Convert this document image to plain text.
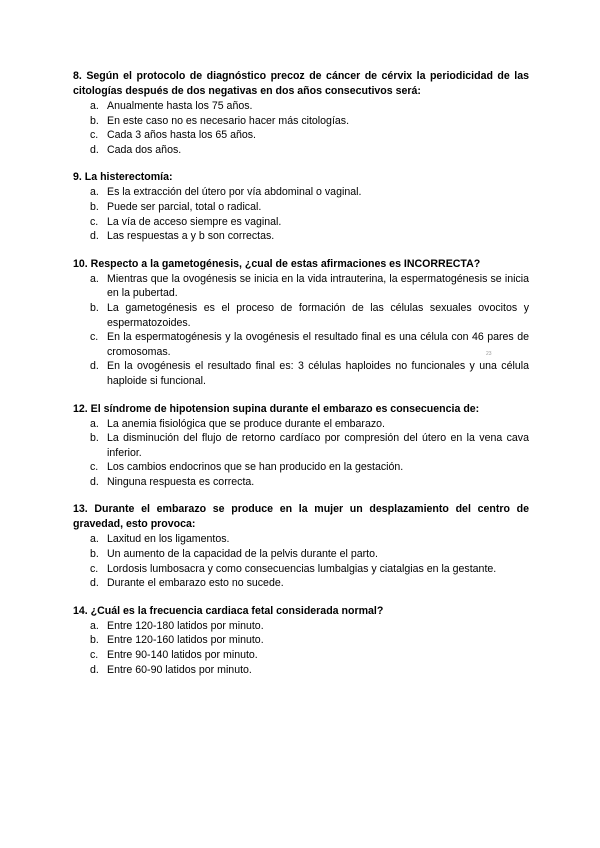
8. Según el protocolo de diagnóstico precoz de cáncer de cérvix la periodicidad de las citologías después de dos negativas en dos años consecutivos será:
a. Anualmente hasta los 75 años.
b. En este caso no es necesario hacer más citologías.
c. Cada 3 años hasta los 65 años.
d. Cada dos años.
9. La histerectomía:
a. Es la extracción del útero por vía abdominal o vaginal.
b. Puede ser parcial, total o radical.
c. La vía de acceso siempre es vaginal.
d. Las respuestas a y b son correctas.
10. Respecto a la gametogénesis, ¿cual de estas afirmaciones es INCORRECTA?
a. Mientras que la ovogénesis se inicia en la vida intrauterina, la espermatogénesis se inicia en la pubertad.
b. La gametogénesis es el proceso de formación de las células sexuales ovocitos y espermatozoides.
c. En la espermatogénesis y la ovogénesis el resultado final es una célula con 46 pares de cromosomas.
d. En la ovogénesis el resultado final es: 3 células haploides no funcionales y una célula haploide si funcional.
12. El síndrome de hipotension supina durante el embarazo es consecuencia de:
a. La anemia fisiológica que se produce durante el embarazo.
b. La disminución del flujo de retorno cardíaco por compresión del útero en la vena cava inferior.
c. Los cambios endocrinos que se han producido en la gestación.
d. Ninguna respuesta es correcta.
13. Durante el embarazo se produce en la mujer un desplazamiento del centro de gravedad, esto provoca:
a. Laxitud en los ligamentos.
b. Un aumento de la capacidad de la pelvis durante el parto.
c. Lordosis lumbosacra y como consecuencias lumbalgias y ciatalgias en la gestante.
d. Durante el embarazo esto no sucede.
14. ¿Cuál es la frecuencia cardiaca fetal considerada normal?
a. Entre 120-180 latidos por minuto.
b. Entre 120-160 latidos por minuto.
c. Entre 90-140 latidos por minuto.
d. Entre 60-90 latidos por minuto.
23
